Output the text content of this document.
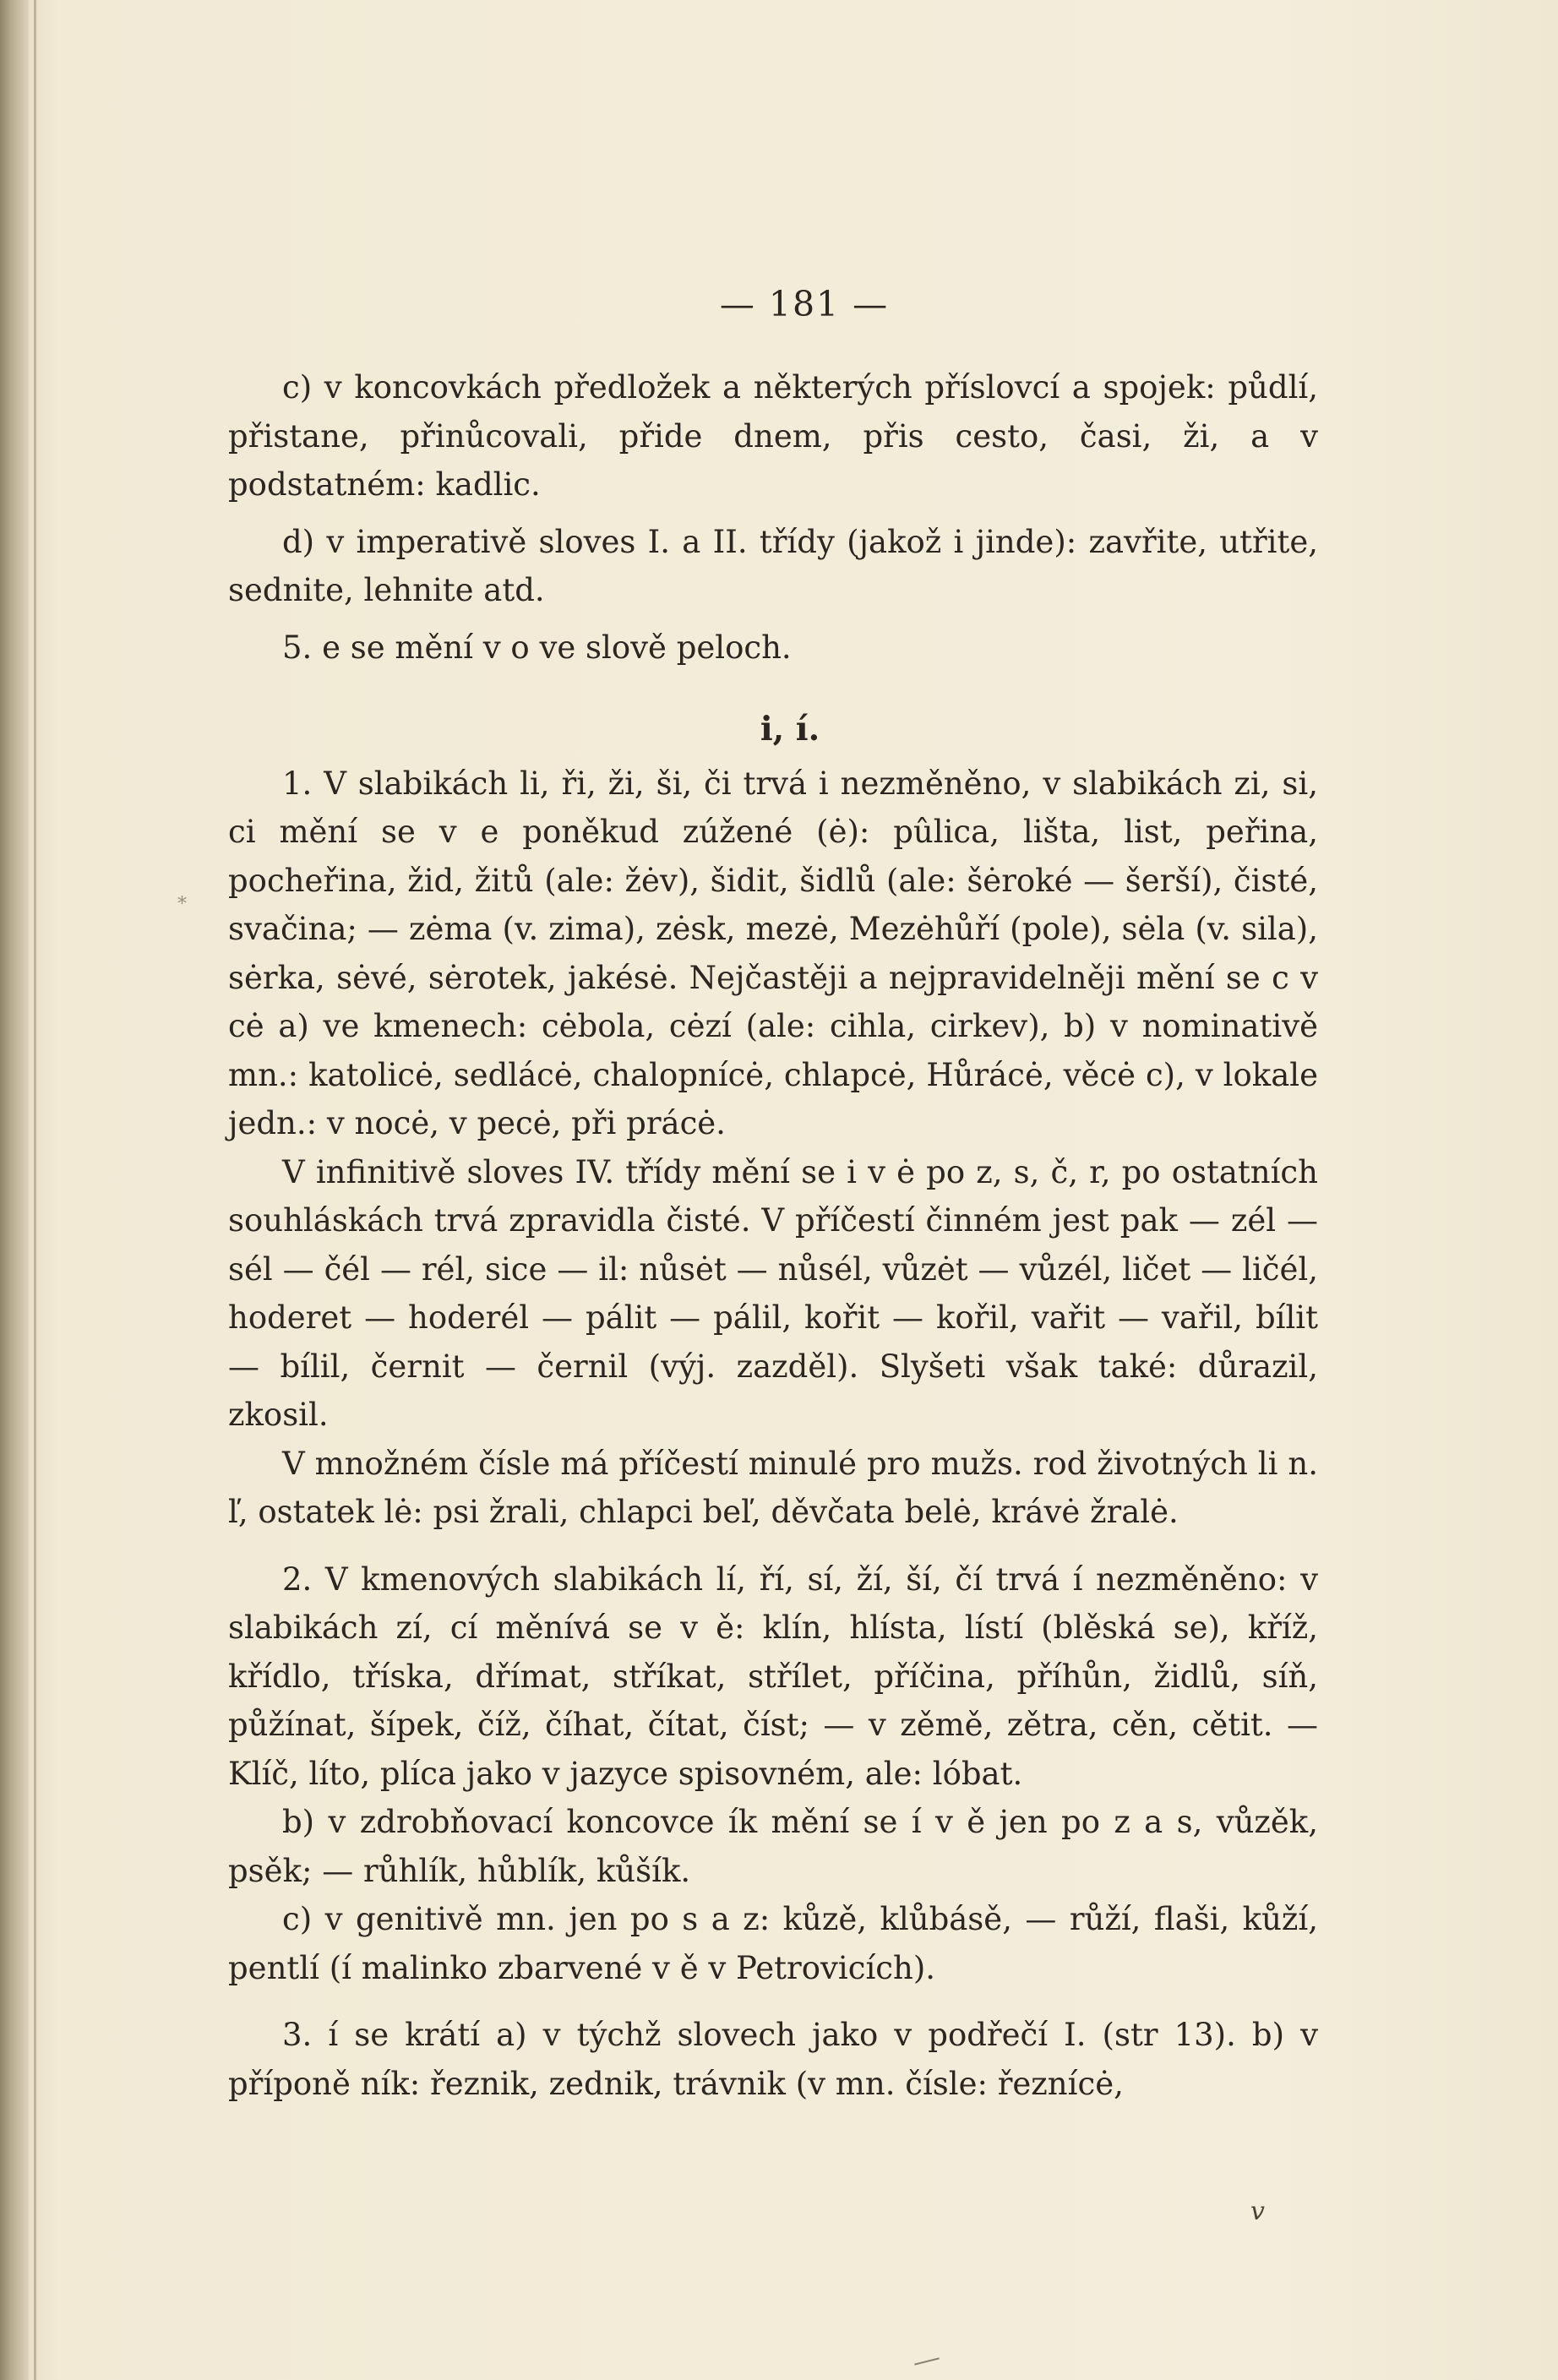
— 181 —

c) v koncovkách předložek a některých příslovcí a spojek: půdlí, přistane, přinůcovali, přide dnem, přis cesto, časi, ži, a v podstatném: kadlic.

d) v imperativě sloves I. a II. třídy (jakož i jinde): zavřite, utřite, sednite, lehnite atd.

5. e se mění v o ve slově peloch.

i, í.

1. V slabikách li, ři, ži, ši, či trvá i nezměněno, v slabikách zi, si, ci mění se v e poněkud zúžené (ė): pûlica, lišta, list, peřina, pocheřina, žid, žitů (ale: žėv), šidit, šidlů (ale: šėroké — šerší), čisté, svačina; — zėma (v. zima), zėsk, mezė, Mezėhůří (pole), sėla (v. sila), sėrka, sėvé, sėrotek, jakésė. Nejčastěji a nejpravidelněji mění se c v cė a) ve kmenech: cėbola, cėzí (ale: cihla, cirkev), b) v nominativě mn.: katolicė, sedlácė, chalopnícė, chlapcė, Hůrácė, věcė c), v lokale jedn.: v nocė, v pecė, při prácė.

V infinitivě sloves IV. třídy mění se i v ė po z, s, č, r, po ostatních souhláskách trvá zpravidla čisté. V příčestí činném jest pak — zél — sél — čél — rél, sice — il: nůsėt — nůsél, vůzėt — vůzél, ličet — ličél, hoderet — hoderél — pálit — pálil, kořit — kořil, vařit — vařil, bílit — bílil, černit — černil (výj. zazděl). Slyšeti však také: důrazil, zkosil.

V množném čísle má příčestí minulé pro mužs. rod životných li n. ľ, ostatek lė: psi žrali, chlapci beľ, děvčata belė, krávė žralė.

2. V kmenových slabikách lí, ří, sí, ží, ší, čí trvá í nezměněno: v slabikách zí, cí měnívá se v ě: klín, hlísta, lístí (blěská se), kříž, křídlo, tříska, dřímat, stříkat, střílet, příčina, příhůn, židlů, síň, půžínat, šípek, číž, číhat, čítat, číst; — v zěmě, zětra, cěn, cětit. — Klíč, líto, plíca jako v jazyce spisovném, ale: lóbat.

b) v zdrobňovací koncovce ík mění se í v ě jen po z a s, vůzěk, psěk; — růhlík, hůblík, kůšík.

c) v genitivě mn. jen po s a z: kůzě, klůbásě, — růží, flaši, kůží, pentlí (í malinko zbarvené v ě v Petrovicích).

3. í se krátí a) v týchž slovech jako v podřečí I. (str 13). b) v příponě ník: řeznik, zednik, trávnik (v mn. čísle: řeznícė,

*
v
